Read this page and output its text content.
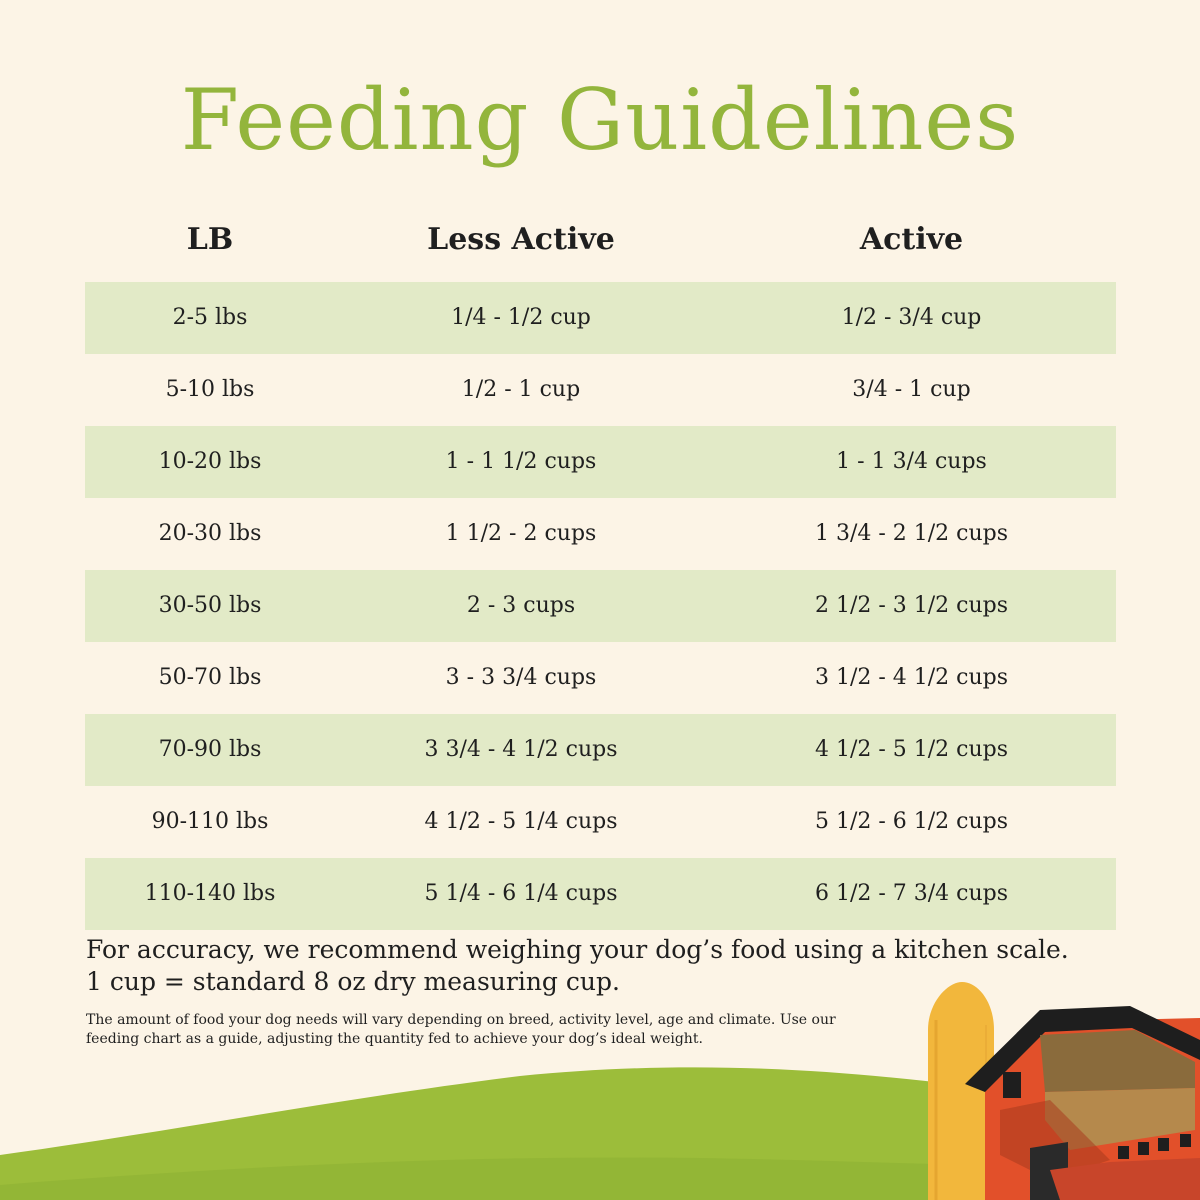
Feeding Guidelines
LB	Less Active	Active
2-5 lbs	1/4 - 1/2 cup	1/2 - 3/4 cup
5-10 lbs	1/2 - 1 cup	3/4 - 1 cup
10-20 lbs	1 - 1 1/2 cups	1 - 1 3/4 cups
20-30 lbs	1 1/2 - 2 cups	1 3/4 - 2 1/2 cups
30-50 lbs	2 - 3 cups	2 1/2 - 3 1/2 cups
50-70 lbs	3 - 3 3/4 cups	3 1/2 - 4 1/2 cups
70-90 lbs	3 3/4 - 4 1/2 cups	4 1/2 - 5 1/2 cups
90-110 lbs	4 1/2 - 5 1/4 cups	5 1/2 - 6 1/2 cups
110-140 lbs	5 1/4 - 6 1/4 cups	6 1/2 - 7 3/4 cups
For accuracy, we recommend weighing your dog’s food using a kitchen scale.
1 cup = standard 8 oz dry measuring cup.
The amount of food your dog needs will vary depending on breed, activity level, age and climate. Use our
feeding chart as a guide, adjusting the quantity fed to achieve your dog’s ideal weight.
